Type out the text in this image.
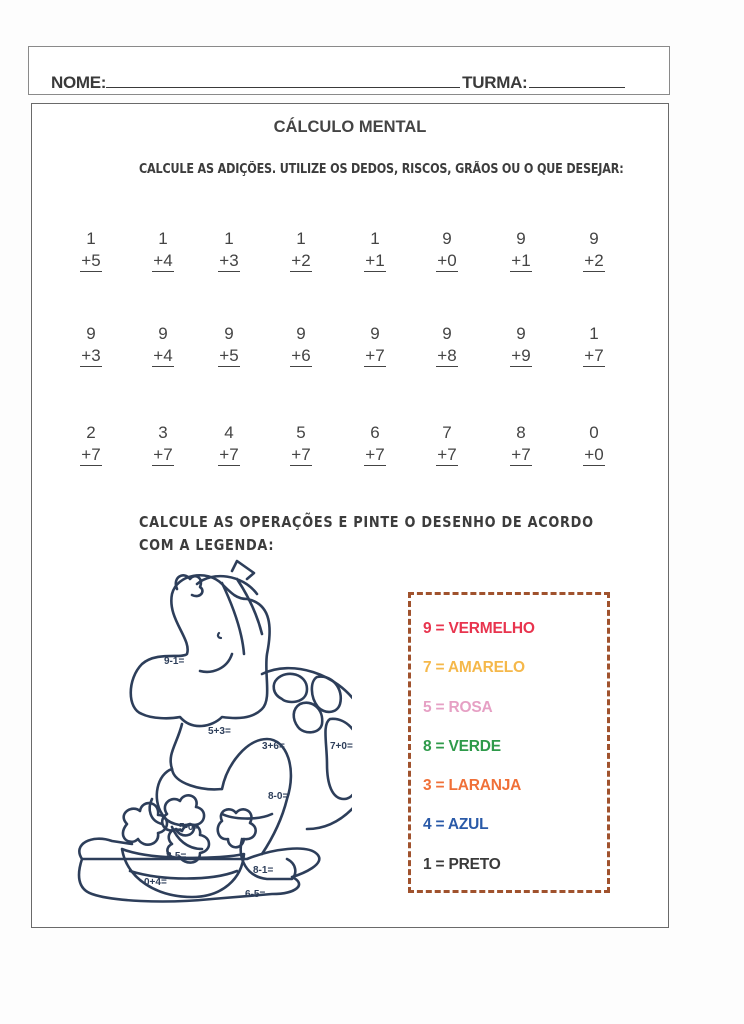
NOME:	TURMA:
CÁLCULO MENTAL
CALCULE AS ADIÇÕES. UTILIZE OS DEDOS, RISCOS, GRÃOS OU O QUE DESEJAR:
1
+5
1
+4
1
+3
1
+2
1
+1
9
+0
9
+1
9
+2
9
+3
9
+4
9
+5
9
+6
9
+7
9
+8
9
+9
1
+7
2
+7
3
+7
4
+7
5
+7
6
+7
7
+7
8
+7
0
+0
CALCULE AS OPERAÇÕES E PINTE O DESENHO DE ACORDO COM A LEGENDA:
9-1=
5+3=
3+6=	7+0=
8-0=
5-0=
8-5=
8-1=
0+4=
6-5=
9 = VERMELHO
7 = AMARELO
5 = ROSA
8 = VERDE
3 = LARANJA
4 = AZUL
1 = PRETO
